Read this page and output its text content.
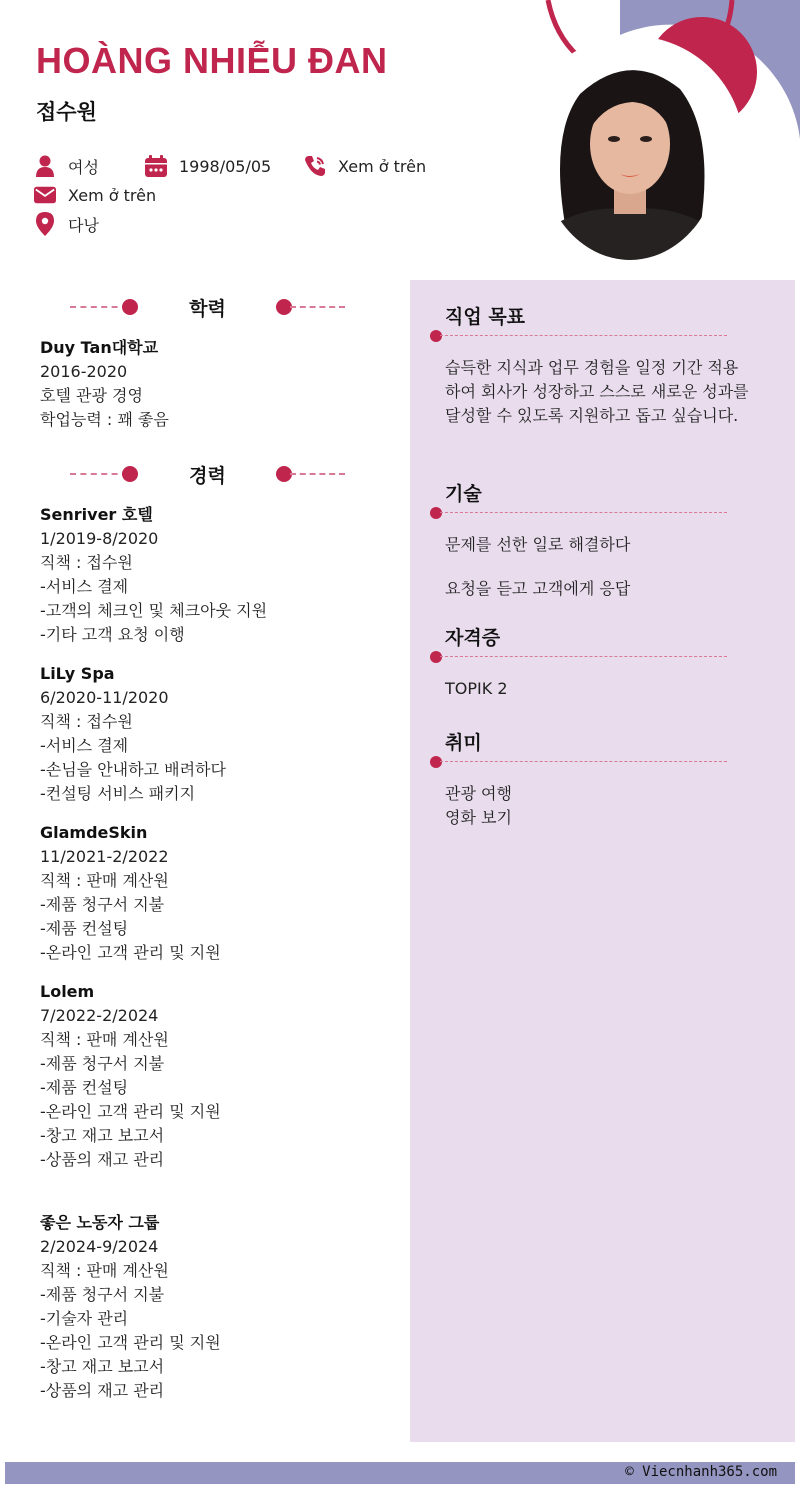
HOÀNG NHIỄU ĐAN
접수원
여성	1998/05/05	Xem ở trên
Xem ở trên
다낭
학력
Duy Tan대학교
2016-2020
호텔 관광 경영
학업능력 : 꽤 좋음
경력
Senriver 호텔
1/2019-8/2020
직책 : 접수원
-서비스 결제
-고객의 체크인 및 체크아웃 지원
-기타 고객 요청 이행
LiLy Spa
6/2020-11/2020
직책 : 접수원
-서비스 결제
-손님을 안내하고 배려하다
-컨설팅 서비스 패키지
GlamdeSkin
11/2021-2/2022
직책 : 판매 계산원
-제품 청구서 지불
-제품 컨설팅
-온라인 고객 관리 및 지원
Lolem
7/2022-2/2024
직책 : 판매 계산원
-제품 청구서 지불
-제품 컨설팅
-온라인 고객 관리 및 지원
-창고 재고 보고서
-상품의 재고 관리
좋은 노동자 그룹
2/2024-9/2024
직책 : 판매 계산원
-제품 청구서 지불
-기술자 관리
-온라인 고객 관리 및 지원
-창고 재고 보고서
-상품의 재고 관리
직업 목표
습득한 지식과 업무 경험을 일정 기간 적용하여 회사가 성장하고 스스로 새로운 성과를 달성할 수 있도록 지원하고 돕고 싶습니다.
기술
문제를 선한 일로 해결하다
요청을 듣고 고객에게 응답
자격증
TOPIK 2
취미
관광 여행
영화 보기
© Viecnhanh365.com
